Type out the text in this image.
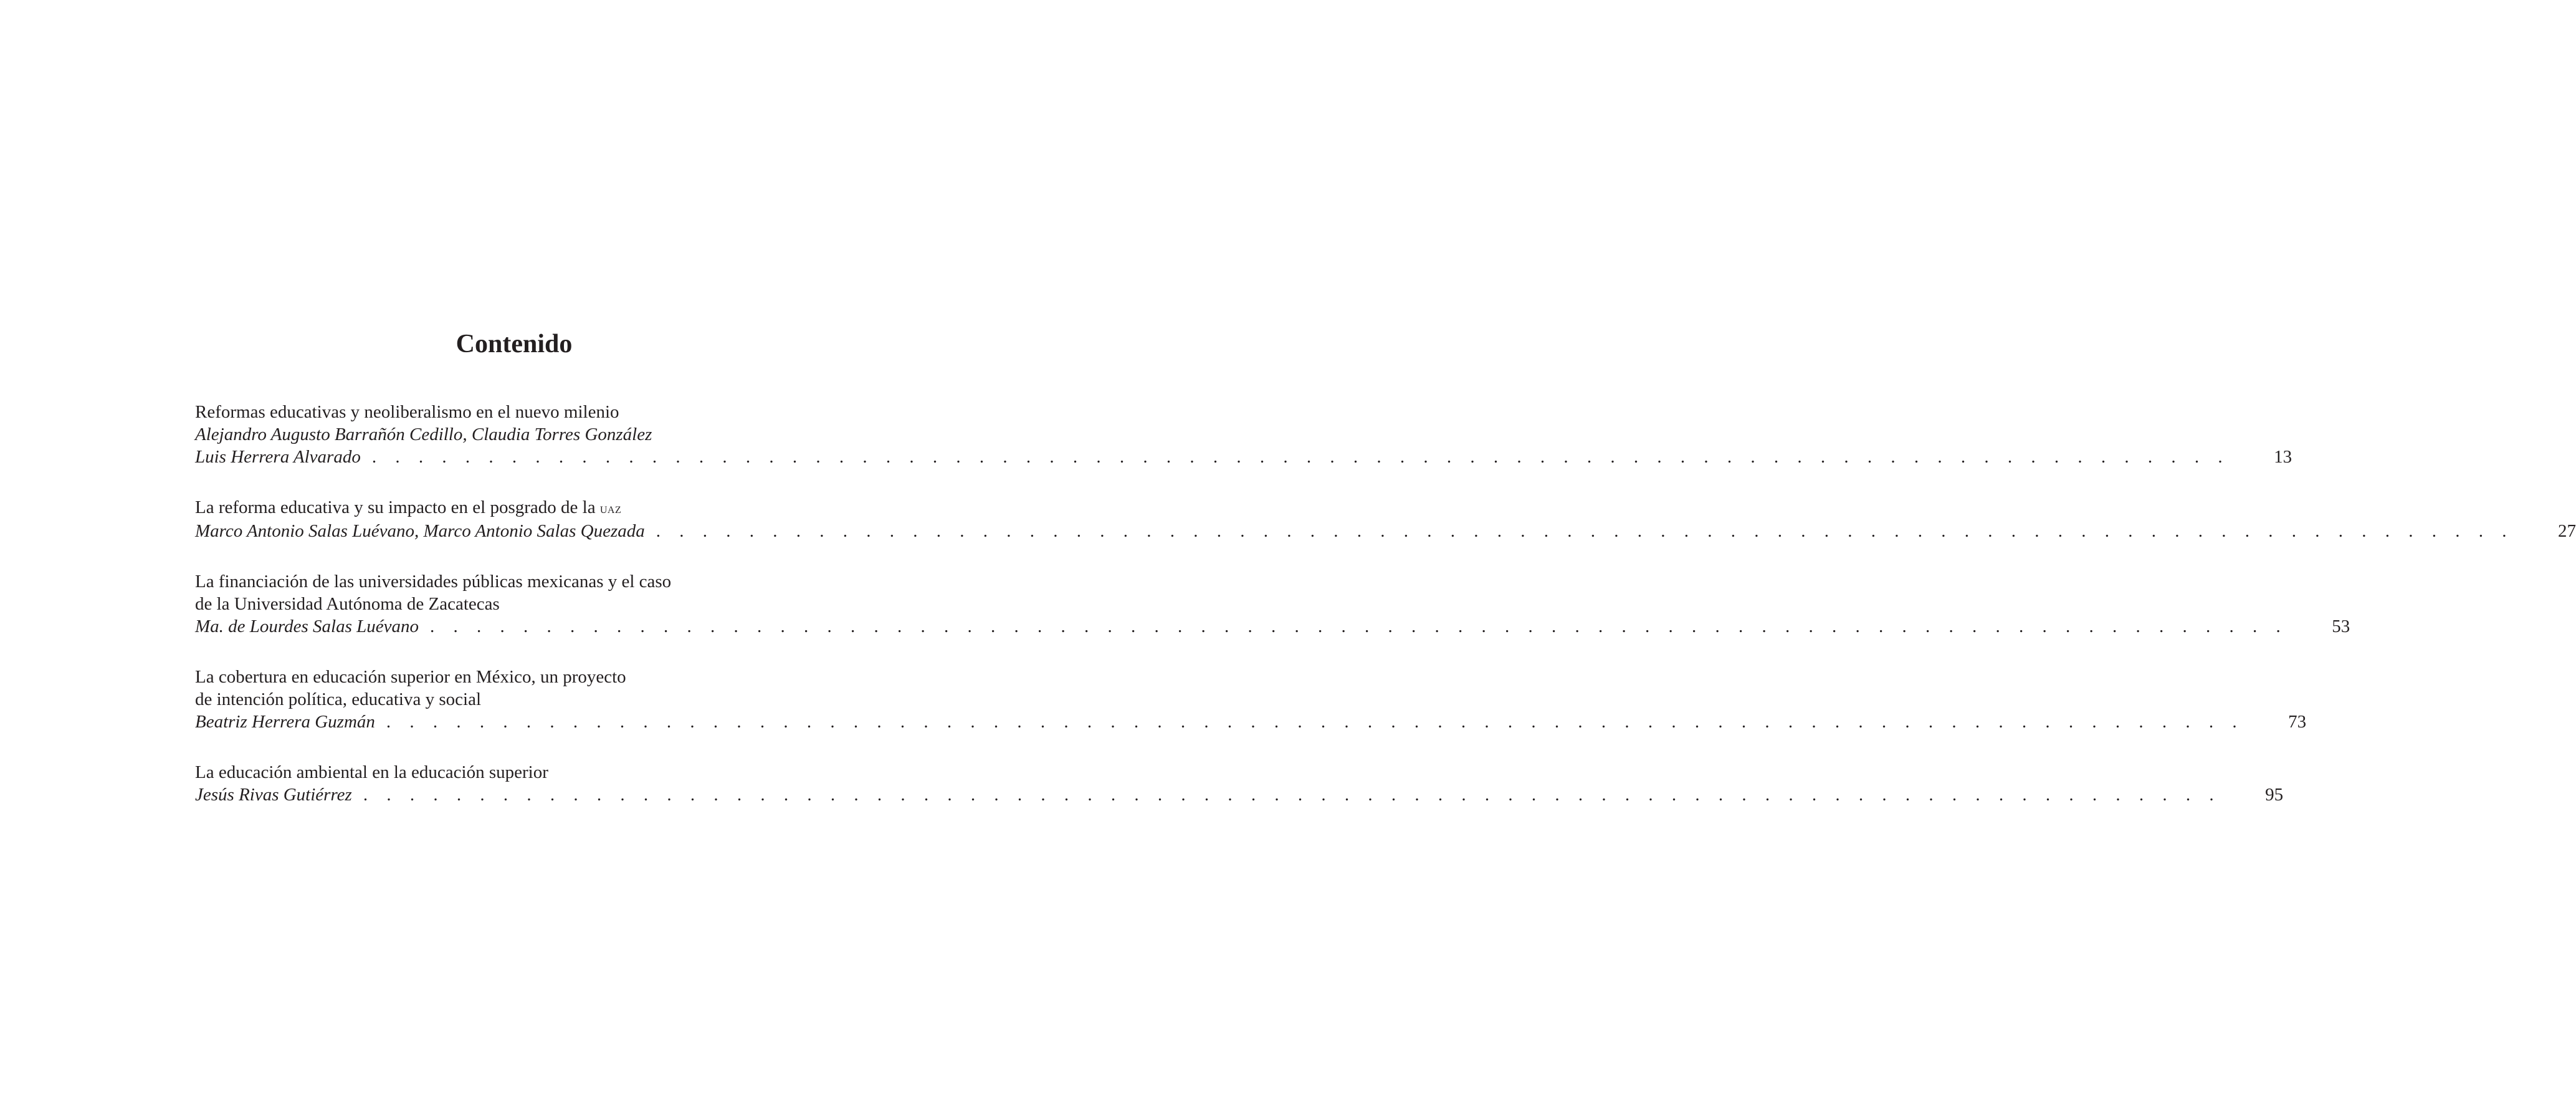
Contenido
Reformas educativas y neoliberalismo en el nuevo milenio
Alejandro Augusto Barrañón Cedillo, Claudia Torres González
Luis Herrera Alvarado . . . . . . . . . . . . . . . . . . . . . . . . . . . . . . . . . . . . . . . . . . . . . . . . . . . . . . . . . . . . . . . . . . . . . . . . . . . . . . . .	13
La reforma educativa y su impacto en el posgrado de la uaz
Marco Antonio Salas Luévano, Marco Antonio Salas Quezada . . . . . . . . . . . . . . . . . . . . . . . . . . . . . . . . . . . . . . . . . . . . . . . . . . . . . . . . . . . . . . . . . . . . . . . . . . . . . . . .	27
La financiación de las universidades públicas mexicanas y el caso
de la Universidad Autónoma de Zacatecas
Ma. de Lourdes Salas Luévano . . . . . . . . . . . . . . . . . . . . . . . . . . . . . . . . . . . . . . . . . . . . . . . . . . . . . . . . . . . . . . . . . . . . . . . . . . . . . . . .	53
La cobertura en educación superior en México, un proyecto
de intención política, educativa y social
Beatriz Herrera Guzmán . . . . . . . . . . . . . . . . . . . . . . . . . . . . . . . . . . . . . . . . . . . . . . . . . . . . . . . . . . . . . . . . . . . . . . . . . . . . . . . .	73
La educación ambiental en la educación superior
Jesús Rivas Gutiérrez . . . . . . . . . . . . . . . . . . . . . . . . . . . . . . . . . . . . . . . . . . . . . . . . . . . . . . . . . . . . . . . . . . . . . . . . . . . . . . . .	95
